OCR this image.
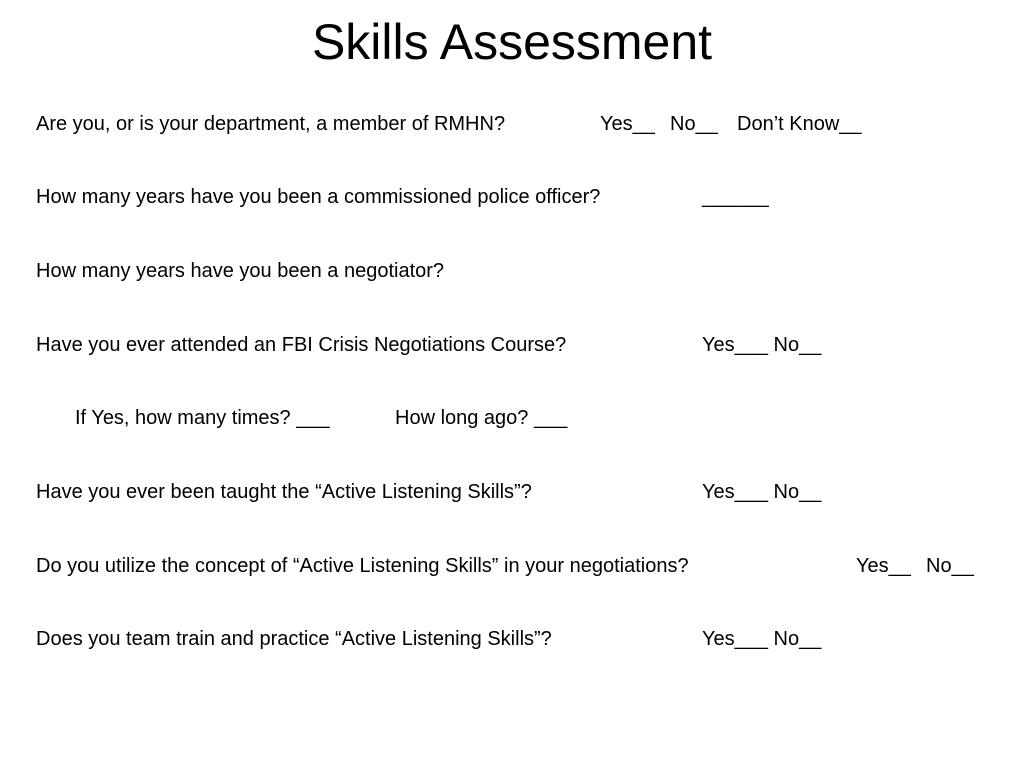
Skills Assessment
Are you, or is your department, a member of RMHN?	Yes__ No__ Don’t Know__
How many years have you been a commissioned police officer?	______
How many years have you been a negotiator?
Have you ever attended an FBI Crisis Negotiations Course?	Yes___ No__
If Yes, how many times? ___	How long ago? ___
Have you ever been taught the “Active Listening Skills”?	Yes___ No__
Do you utilize the concept of “Active Listening Skills” in your negotiations?	Yes__ No__
Does you team train and practice “Active Listening Skills”?	Yes___ No__
